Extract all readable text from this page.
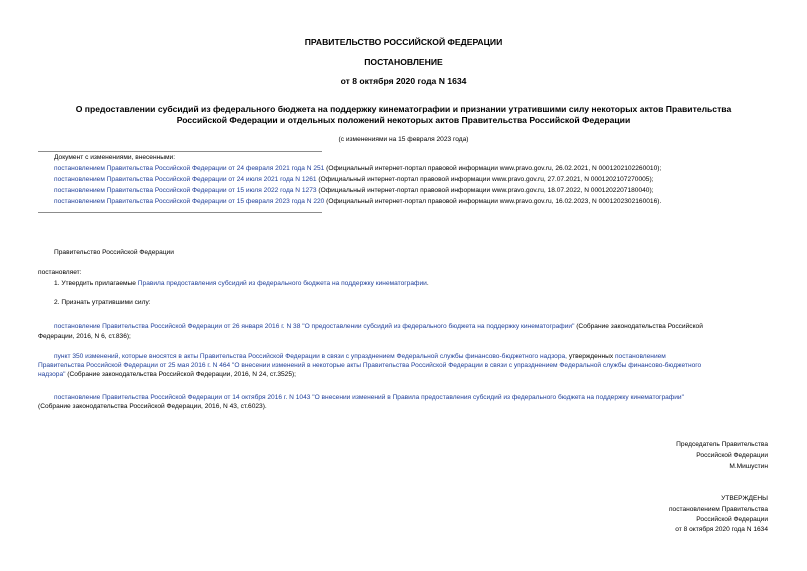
ПРАВИТЕЛЬСТВО РОССИЙСКОЙ ФЕДЕРАЦИИ
ПОСТАНОВЛЕНИЕ
от 8 октября 2020 года N 1634
О предоставлении субсидий из федерального бюджета на поддержку кинематографии и признании утратившими силу некоторых актов Правительства
Российской Федерации и отдельных положений некоторых актов Правительства Российской Федерации
(с изменениями на 15 февраля 2023 года)
Документ с изменениями, внесенными:
постановлением Правительства Российской Федерации от 24 февраля 2021 года N 251 (Официальный интернет-портал правовой информации www.pravo.gov.ru, 26.02.2021, N 0001202102260010);
постановлением Правительства Российской Федерации от 24 июля 2021 года N 1261 (Официальный интернет-портал правовой информации www.pravo.gov.ru, 27.07.2021, N 0001202107270005);
постановлением Правительства Российской Федерации от 15 июля 2022 года N 1273 (Официальный интернет-портал правовой информации www.pravo.gov.ru, 18.07.2022, N 0001202207180040);
постановлением Правительства Российской Федерации от 15 февраля 2023 года N 220 (Официальный интернет-портал правовой информации www.pravo.gov.ru, 16.02.2023, N 0001202302160016).
Правительство Российской Федерации
постановляет:
1. Утвердить прилагаемые Правила предоставления субсидий из федерального бюджета на поддержку кинематографии.
2. Признать утратившими силу:
постановление Правительства Российской Федерации от 26 января 2016 г. N 38 "О предоставлении субсидий из федерального бюджета на поддержку кинематографии" (Собрание законодательства Российской
Федерации, 2016, N 6, ст.836);
пункт 350 изменений, которые вносятся в акты Правительства Российской Федерации в связи с упразднением Федеральной службы финансово-бюджетного надзора, утвержденных постановлением
Правительства Российской Федерации от 25 мая 2016 г. N 464 "О внесении изменений в некоторые акты Правительства Российской Федерации в связи с упразднением Федеральной службы финансово-бюджетного
надзора" (Собрание законодательства Российской Федерации, 2016, N 24, ст.3525);
постановление Правительства Российской Федерации от 14 октября 2016 г. N 1043 "О внесении изменений в Правила предоставления субсидий из федерального бюджета на поддержку кинематографии"
(Собрание законодательства Российской Федерации, 2016, N 43, ст.6023).
Председатель Правительства
Российской Федерации
М.Мишустин
УТВЕРЖДЕНЫ
постановлением Правительства
Российской Федерации
от 8 октября 2020 года N 1634
